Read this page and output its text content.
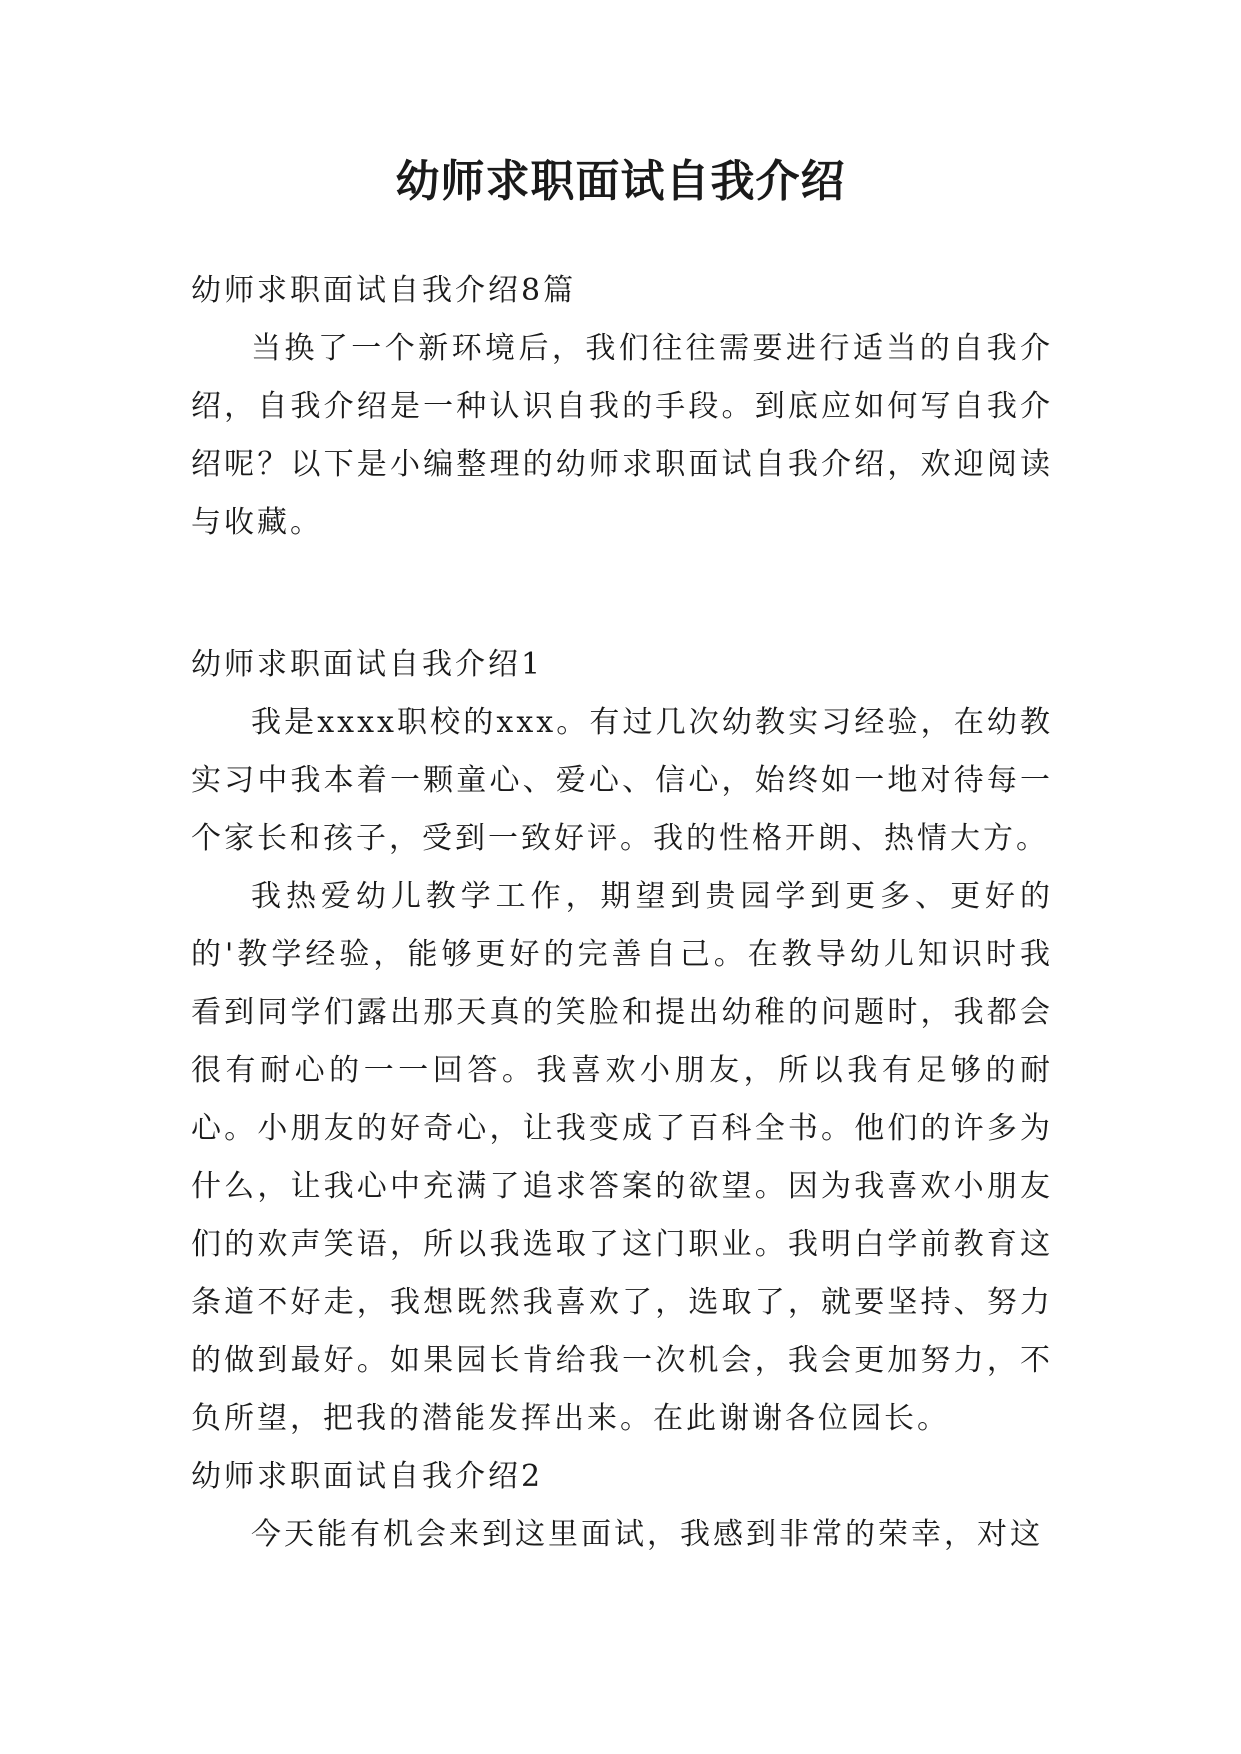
幼师求职面试自我介绍

幼师求职面试自我介绍8篇

当换了一个新环境后，我们往往需要进行适当的自我介绍，自我介绍是一种认识自我的手段。到底应如何写自我介绍呢？以下是小编整理的幼师求职面试自我介绍，欢迎阅读与收藏。

幼师求职面试自我介绍1

我是xxxx职校的xxx。有过几次幼教实习经验，在幼教实习中我本着一颗童心、爱心、信心，始终如一地对待每一个家长和孩子，受到一致好评。我的性格开朗、热情大方。

我热爱幼儿教学工作，期望到贵园学到更多、更好的的'教学经验，能够更好的完善自己。在教导幼儿知识时我看到同学们露出那天真的笑脸和提出幼稚的问题时，我都会很有耐心的一一回答。我喜欢小朋友，所以我有足够的耐心。小朋友的好奇心，让我变成了百科全书。他们的许多为什么，让我心中充满了追求答案的欲望。因为我喜欢小朋友们的欢声笑语，所以我选取了这门职业。我明白学前教育这条道不好走，我想既然我喜欢了，选取了，就要坚持、努力的做到最好。如果园长肯给我一次机会，我会更加努力，不负所望，把我的潜能发挥出来。在此谢谢各位园长。

幼师求职面试自我介绍2

今天能有机会来到这里面试，我感到非常的荣幸，对这
